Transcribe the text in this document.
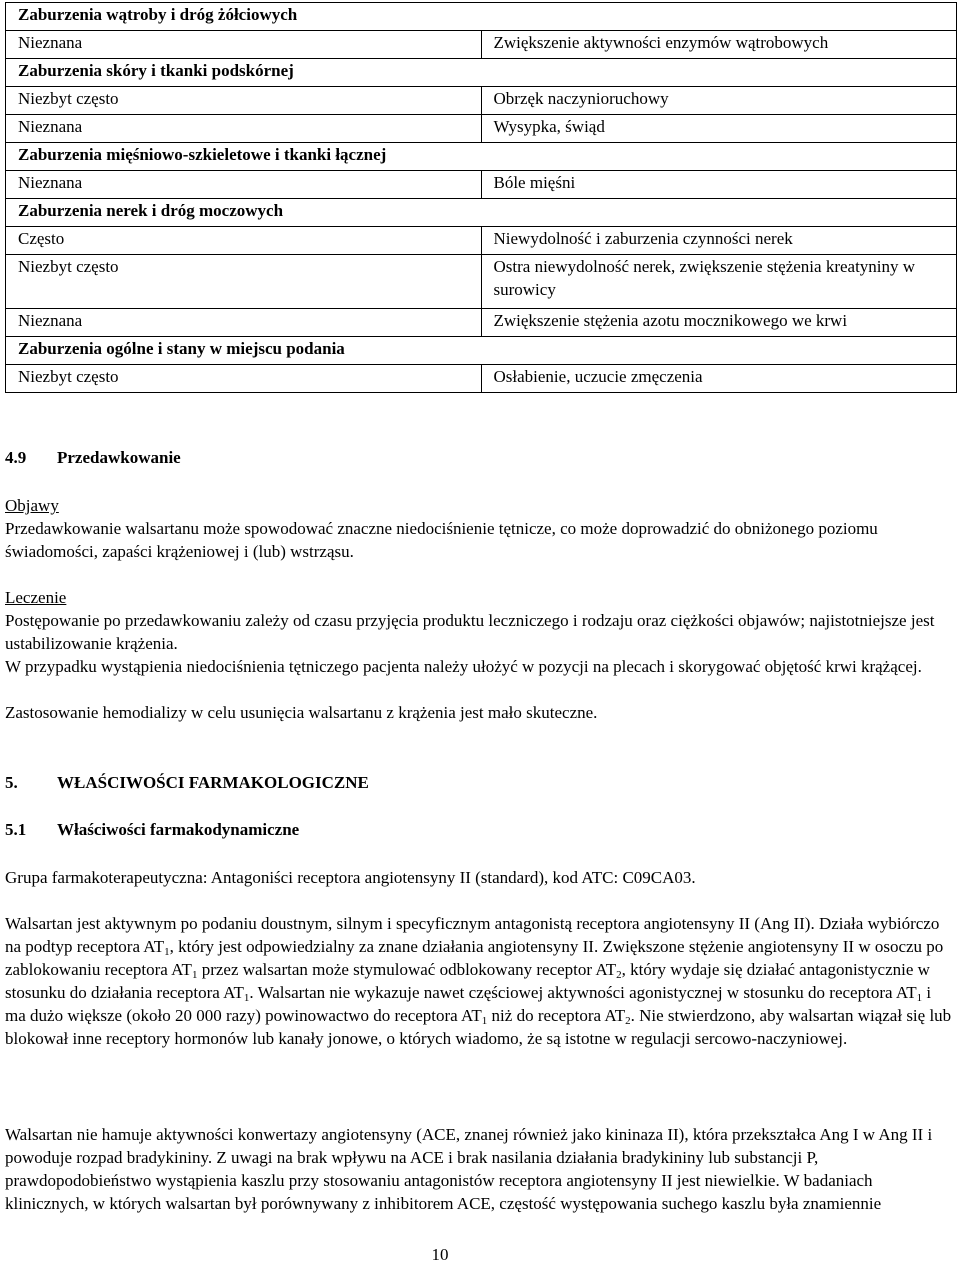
Zaburzenia wątroby i dróg żółciowych	
Nieznana	Zwiększenie aktywności enzymów wątrobowych
Zaburzenia skóry i tkanki podskórnej	
Niezbyt często	Obrzęk naczynioruchowy
Nieznana	Wysypka, świąd
Zaburzenia mięśniowo-szkieletowe i tkanki łącznej	
Nieznana	Bóle mięśni
Zaburzenia nerek i dróg moczowych	
Często	Niewydolność i zaburzenia czynności nerek
Niezbyt często	Ostra niewydolność nerek, zwiększenie stężenia kreatyniny w surowicy
Nieznana	Zwiększenie stężenia azotu mocznikowego we krwi
Zaburzenia ogólne i stany w miejscu podania	
Niezbyt często	Osłabienie, uczucie zmęczenia
4.9 Przedawkowanie
Objawy

Przedawkowanie walsartanu może spowodować znaczne niedociśnienie tętnicze, co może doprowadzić do obniżonego poziomu świadomości, zapaści krążeniowej i (lub) wstrząsu.

Leczenie

Postępowanie po przedawkowaniu zależy od czasu przyjęcia produktu leczniczego i rodzaju oraz ciężkości objawów; najistotniejsze jest ustabilizowanie krążenia.

W przypadku wystąpienia niedociśnienia tętniczego pacjenta należy ułożyć w pozycji na plecach i skorygować objętość krwi krążącej.

Zastosowanie hemodializy w celu usunięcia walsartanu z krążenia jest mało skuteczne.

5. WŁAŚCIWOŚCI FARMAKOLOGICZNE
5.1 Właściwości farmakodynamiczne

Grupa farmakoterapeutyczna: Antagoniści receptora angiotensyny II (standard), kod ATC: C09CA03.

Walsartan jest aktywnym po podaniu doustnym, silnym i specyficznym antagonistą receptora angiotensyny II (Ang II). Działa wybiórczo na podtyp receptora $AT_1$, który jest odpowiedzialny za znane działania angiotensyny II. Zwiększone stężenie angiotensyny II w osoczu po zablokowaniu receptora $AT_1$ przez walsartan może stymulować odblokowany receptor $AT_2$, który wydaje się działać antagonistycznie w stosunku do działania receptora $AT_1$. Walsartan nie wykazuje nawet częściowej aktywności agonistycznej w stosunku do receptora $AT_1$ i ma dużo większe (około 20 000 razy) powinowactwo do receptora $AT_1$ niż do receptora $AT_2$. Nie stwierdzono, aby walsartan wiązał się lub blokował inne receptory hormonów lub kanały jonowe, o których wiadomo, że są istotne w regulacji sercowo-naczyniowej.

Walsartan nie hamuje aktywności konwertazy angiotensyny (ACE, znanej również jako kininaza II), która przekształca Ang I w Ang II i powoduje rozpad bradykininy. Z uwagi na brak wpływu na ACE i brak nasilania działania bradykininy lub substancji P, prawdopodobieństwo wystąpienia kaszlu przy stosowaniu antagonistów receptora angiotensyny II jest niewielkie. W badaniach klinicznych, w których walsartan był porównywany z inhibitorem ACE, częstość występowania suchego kaszlu była znamiennie

10
